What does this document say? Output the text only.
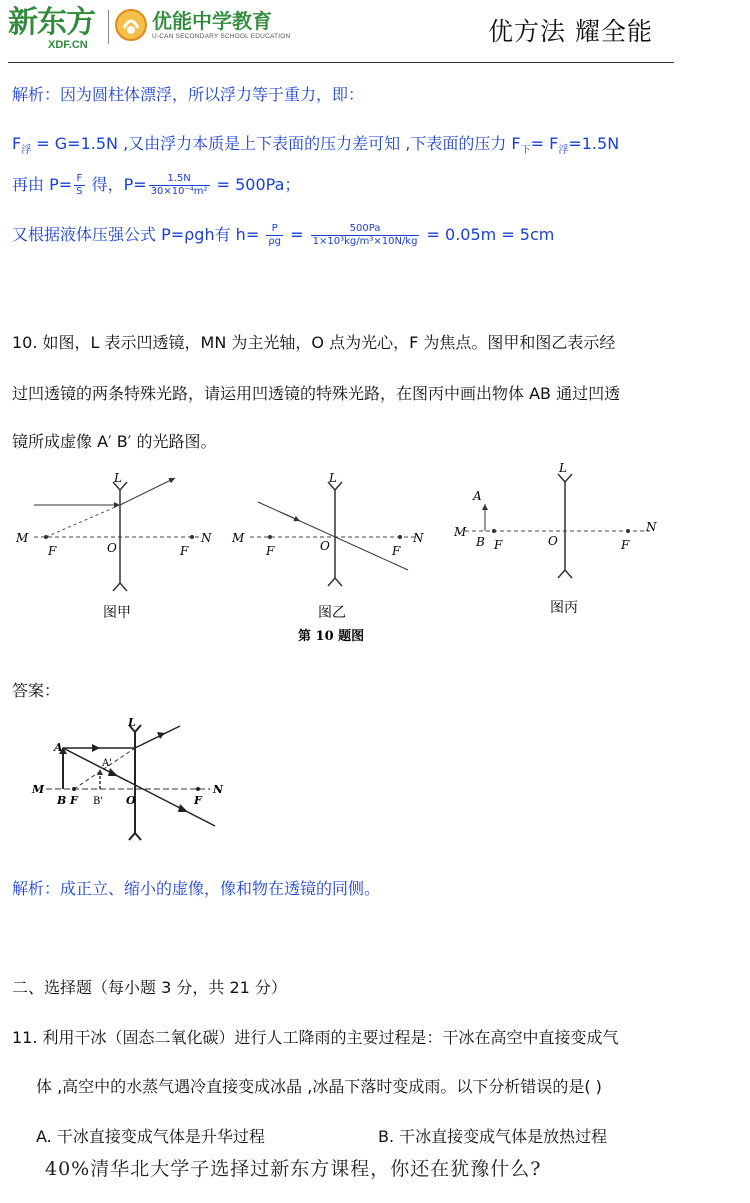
新东方
XDF.CN
优能中学教育
U-CAN SECONDARY SCHOOL EDUCATION	优方法 耀全能
解析：因为圆柱体漂浮，所以浮力等于重力，即：
$F_浮 = G=1.5N$ ,又由浮力本质是上下表面的压力差可知 ,下表面的压力 $F_下= F_浮=1.5N$
再由 $P= \frac{F}{S}$ 得，$P= \frac{1.5N}{\text{30×10⁻⁴m²}} = 500Pa$；
又根据液体压强公式 P=ρgh有 $h= \frac{P}{\rho g} = \frac{500Pa}{\text{1×10³kg/m³×10N/kg}} = 0.05m = 5cm$
10. 如图，L 表示凹透镜，MN 为主光轴，O 点为光心，F 为焦点。图甲和图乙表示经
过凹透镜的两条特殊光路，请运用凹透镜的特殊光路，在图丙中画出物体 AB 通过凹透
镜所成虚像 A′ B′ 的光路图。
M
F	O	F
N
L
图甲
M
F	O	F
N
L
图乙
A
M
B F	O	F
N
L
图丙
第 10 题图
答案：
L
A
A'
M
B F B' O	F
N
解析：成正立、缩小的虚像，像和物在透镜的同侧。
二、选择题（每小题 3 分，共 21 分）
11. 利用干冰（固态二氧化碳）进行人工降雨的主要过程是：干冰在高空中直接变成气
体 ,高空中的水蒸气遇冷直接变成冰晶 ,冰晶下落时变成雨。以下分析错误的是( )
A. 干冰直接变成气体是升华过程	B. 干冰直接变成气体是放热过程
40%清华北大学子选择过新东方课程，你还在犹豫什么?
